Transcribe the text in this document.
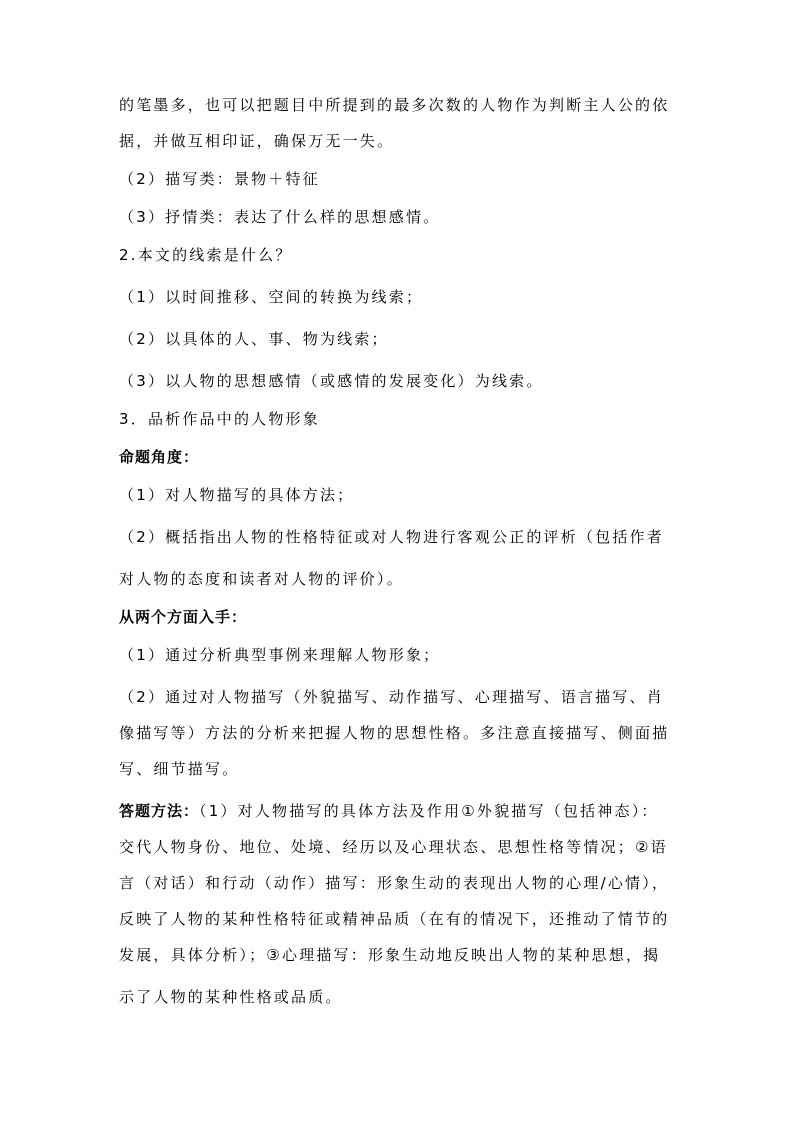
的笔墨多，也可以把题目中所提到的最多次数的人物作为判断主人公的依

据，并做互相印证，确保万无一失。

（2）描写类：景物＋特征

（3）抒情类：表达了什么样的思想感情。

2.本文的线索是什么？

（1）以时间推移、空间的转换为线索；

（2）以具体的人、事、物为线索；

（3）以人物的思想感情（或感情的发展变化）为线索。

3．品析作品中的人物形象

命题角度：

（1）对人物描写的具体方法；

（2）概括指出人物的性格特征或对人物进行客观公正的评析（包括作者

对人物的态度和读者对人物的评价）。

从两个方面入手：

（1）通过分析典型事例来理解人物形象；

（2）通过对人物描写（外貌描写、动作描写、心理描写、语言描写、肖

像描写等）方法的分析来把握人物的思想性格。多注意直接描写、侧面描

写、细节描写。

答题方法：（1）对人物描写的具体方法及作用①外貌描写（包括神态）：

交代人物身份、地位、处境、经历以及心理状态、思想性格等情况；②语

言（对话）和行动（动作）描写：形象生动的表现出人物的心理/心情），

反映了人物的某种性格特征或精神品质（在有的情况下，还推动了情节的

发展，具体分析）；③心理描写：形象生动地反映出人物的某种思想，揭

示了人物的某种性格或品质。
